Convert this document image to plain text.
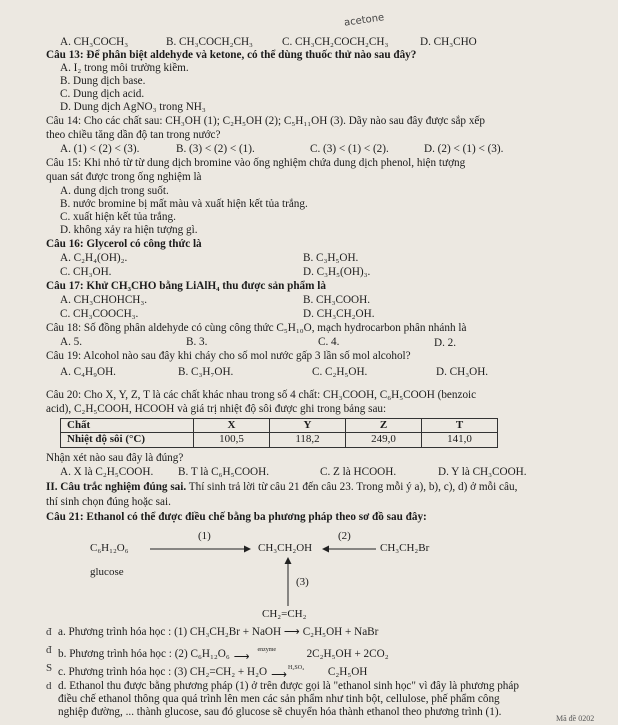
acetone
A. CH₃COCH₃	B. CH₃COCH₂CH₃	C. CH₃CH₂COCH₂CH₃	D. CH₃CHO
Câu 13: Để phân biệt aldehyde và ketone, có thể dùng thuốc thử nào sau đây?
A. I₂ trong môi trường kiềm.
B. Dung dịch base.
C. Dung dịch acid.
D. Dung dịch AgNO₃ trong NH₃
Câu 14: Cho các chất sau: CH₃OH (1); C₂H₅OH (2); C₅H₁₁OH (3). Dãy nào sau đây được sắp xếp
theo chiều tăng dần độ tan trong nước?
A. (1) < (2) < (3).	B. (3) < (2) < (1).	C. (3) < (1) < (2).	D. (2) < (1) < (3).
Câu 15: Khi nhỏ từ từ dung dịch bromine vào ống nghiệm chứa dung dịch phenol, hiện tượng
quan sát được trong ống nghiệm là
A. dung dịch trong suốt.
B. nước bromine bị mất màu và xuất hiện kết tủa trắng.
C. xuất hiện kết tủa trắng.
D. không xảy ra hiện tượng gì.
Câu 16: Glycerol có công thức là
A. C₂H₄(OH)₂.	B. C₃H₅OH.
C. CH₃OH.	D. C₃H₅(OH)₃.
Câu 17: Khử CH₃CHO bằng LiAlH₄ thu được sản phẩm là
A. CH₃CHOHCH₃.	B. CH₃COOH.
C. CH₃COOCH₃.	D. CH₃CH₂OH.
Câu 18: Số đồng phân aldehyde có cùng công thức C₅H₁₀O, mạch hydrocarbon phân nhánh là
A. 5.	B. 3.	C. 4.	D. 2.
Câu 19: Alcohol nào sau đây khi cháy cho số mol nước gấp 3 lần số mol alcohol?
A. C₄H₉OH.	B. C₃H₇OH.	C. C₂H₅OH.	D. CH₃OH.
Câu 20: Cho X, Y, Z, T là các chất khác nhau trong số 4 chất: CH₃COOH, C₆H₅COOH (benzoic
acid), C₂H₅COOH, HCOOH và giá trị nhiệt độ sôi được ghi trong bảng sau:
Chất	X	Y	Z	T
Nhiệt độ sôi (°C)	100,5	118,2	249,0	141,0
Nhận xét nào sau đây là đúng?
A. X là C₂H₅COOH. B. T là C₆H₅COOH.	C. Z là HCOOH.	D. Y là CH₃COOH.
II. Câu trắc nghiệm đúng sai. Thí sinh trả lời từ câu 21 đến câu 23. Trong mỗi ý a), b), c), d) ở mỗi câu,
thí sinh chọn đúng hoặc sai.
Câu 21: Ethanol có thể được điều chế bằng ba phương pháp theo sơ đồ sau đây:
C₆H₁₂O₆
glucose
CH₃CH₂OH	CH₃CH₂Br
CH₂=CH₂
(1)	(2)
(3)
đ a. Phương trình hóa học : (1) CH₃CH₂Br + NaOH ⟶ C₂H₅OH + NaBr
đ b. Phương trình hóa học : (2) C₆H₁₂O₆	enzyme
⟶	2C₂H₅OH + 2CO₂
S c. Phương trình hóa học : (3) CH₂=CH₂ + H₂O	H₂SO₄
⟶	C₂H₅OH
d d. Ethanol thu được bằng phương pháp (1) ở trên được gọi là "ethanol sinh học" vì đây là phương pháp
điều chế ethanol thông qua quá trình lên men các sản phẩm như tinh bột, cellulose, phế phẩm công
nghiệp đường, ... thành glucose, sau đó glucose sẽ chuyển hóa thành ethanol theo phương trình (1).
Mã đề 0202
